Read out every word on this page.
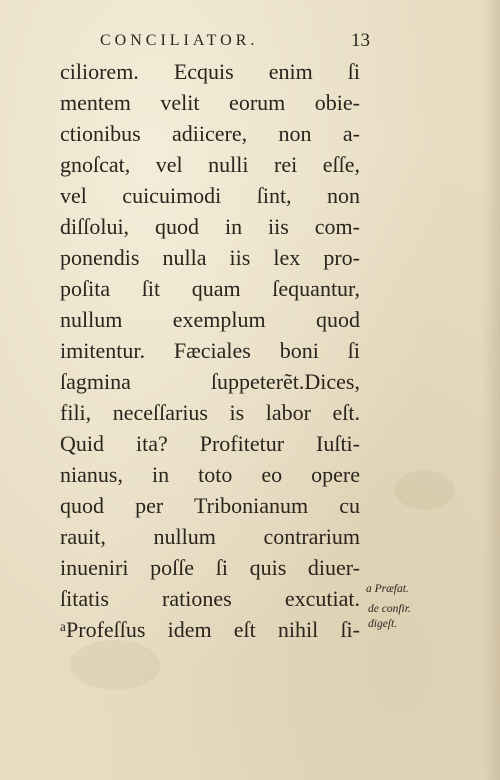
CONCILIATOR.	13
ciliorem. Ecquis enim ſi
mentem velit eorum obie-
ctionibus adiicere, non a-
gnoſcat, vel nulli rei eſſe,
vel cuicuimodi ſint, non
diſſolui, quod in iis com-
ponendis nulla iis lex pro-
poſita ſit quam ſequantur,
nullum exemplum quod
imitentur. Fæciales boni ſi
ſagmina ſuppeterẽt.Dices,
fili, neceſſarius is labor eſt.
Quid ita? Profitetur Iuſti-
nianus, in toto eo opere
quod per Tribonianum cu
rauit, nullum contrarium
inueniri poſſe ſi quis diuer-
ſitatis rationes excutiat.
ᵃProfeſſus idem eſt nihil ſi-
a Præfat.
de confir.
digeſt.
